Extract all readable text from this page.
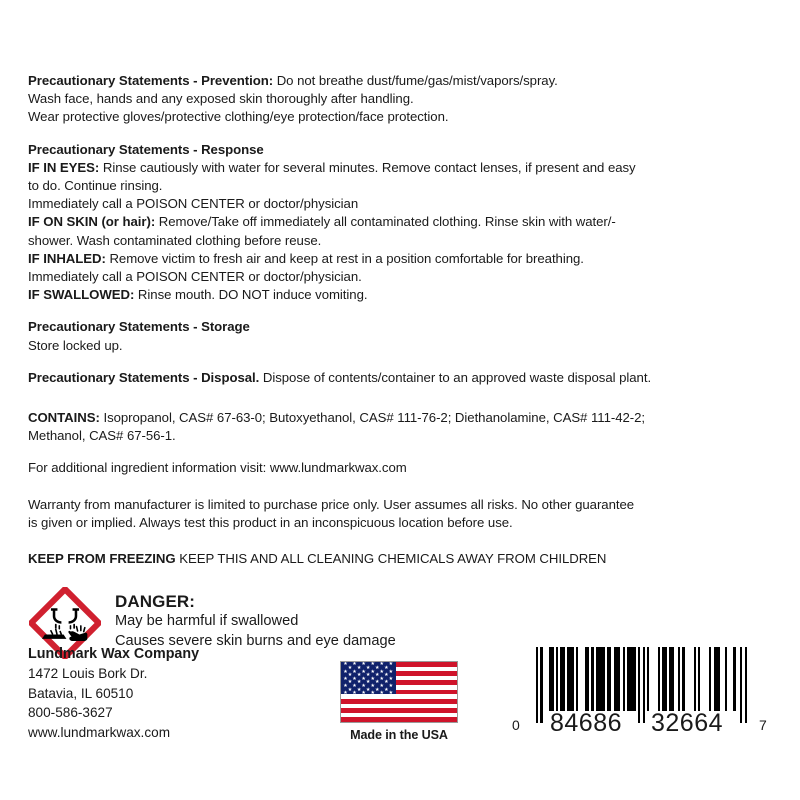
Precautionary Statements - Prevention: Do not breathe dust/fume/gas/mist/vapors/spray.
Wash face, hands and any exposed skin thoroughly after handling.
Wear protective gloves/protective clothing/eye protection/face protection.
Precautionary Statements - Response
IF IN EYES: Rinse cautiously with water for several minutes. Remove contact lenses, if present and easy
to do. Continue rinsing.
Immediately call a POISON CENTER or doctor/physician
IF ON SKIN (or hair): Remove/Take off immediately all contaminated clothing. Rinse skin with water/-
shower. Wash contaminated clothing before reuse.
IF INHALED: Remove victim to fresh air and keep at rest in a position comfortable for breathing.
Immediately call a POISON CENTER or doctor/physician.
IF SWALLOWED: Rinse mouth. DO NOT induce vomiting.
Precautionary Statements - Storage
Store locked up.
Precautionary Statements - Disposal. Dispose of contents/container to an approved waste disposal plant.
CONTAINS: Isopropanol, CAS# 67-63-0; Butoxyethanol, CAS# 111-76-2; Diethanolamine, CAS# 111-42-2;
Methanol, CAS# 67-56-1.
For additional ingredient information visit: www.lundmarkwax.com
Warranty from manufacturer is limited to purchase price only. User assumes all risks. No other guarantee
is given or implied. Always test this product in an inconspicuous location before use.
KEEP FROM FREEZING KEEP THIS AND ALL CLEANING CHEMICALS AWAY FROM CHILDREN
DANGER:
May be harmful if swallowed
Causes severe skin burns and eye damage
Lundmark Wax Company
1472 Louis Bork Dr.
Batavia, IL 60510
800-586-3627
www.lundmarkwax.com
★ ★ ★ ★ ★ ★
★ ★ ★ ★ ★
★ ★ ★ ★ ★ ★
★ ★ ★ ★ ★
★ ★ ★ ★ ★ ★
★ ★ ★ ★ ★
★ ★ ★ ★ ★ ★
★ ★ ★ ★ ★
★ ★ ★ ★ ★ ★
Made in the USA
0 84686 32664	7
